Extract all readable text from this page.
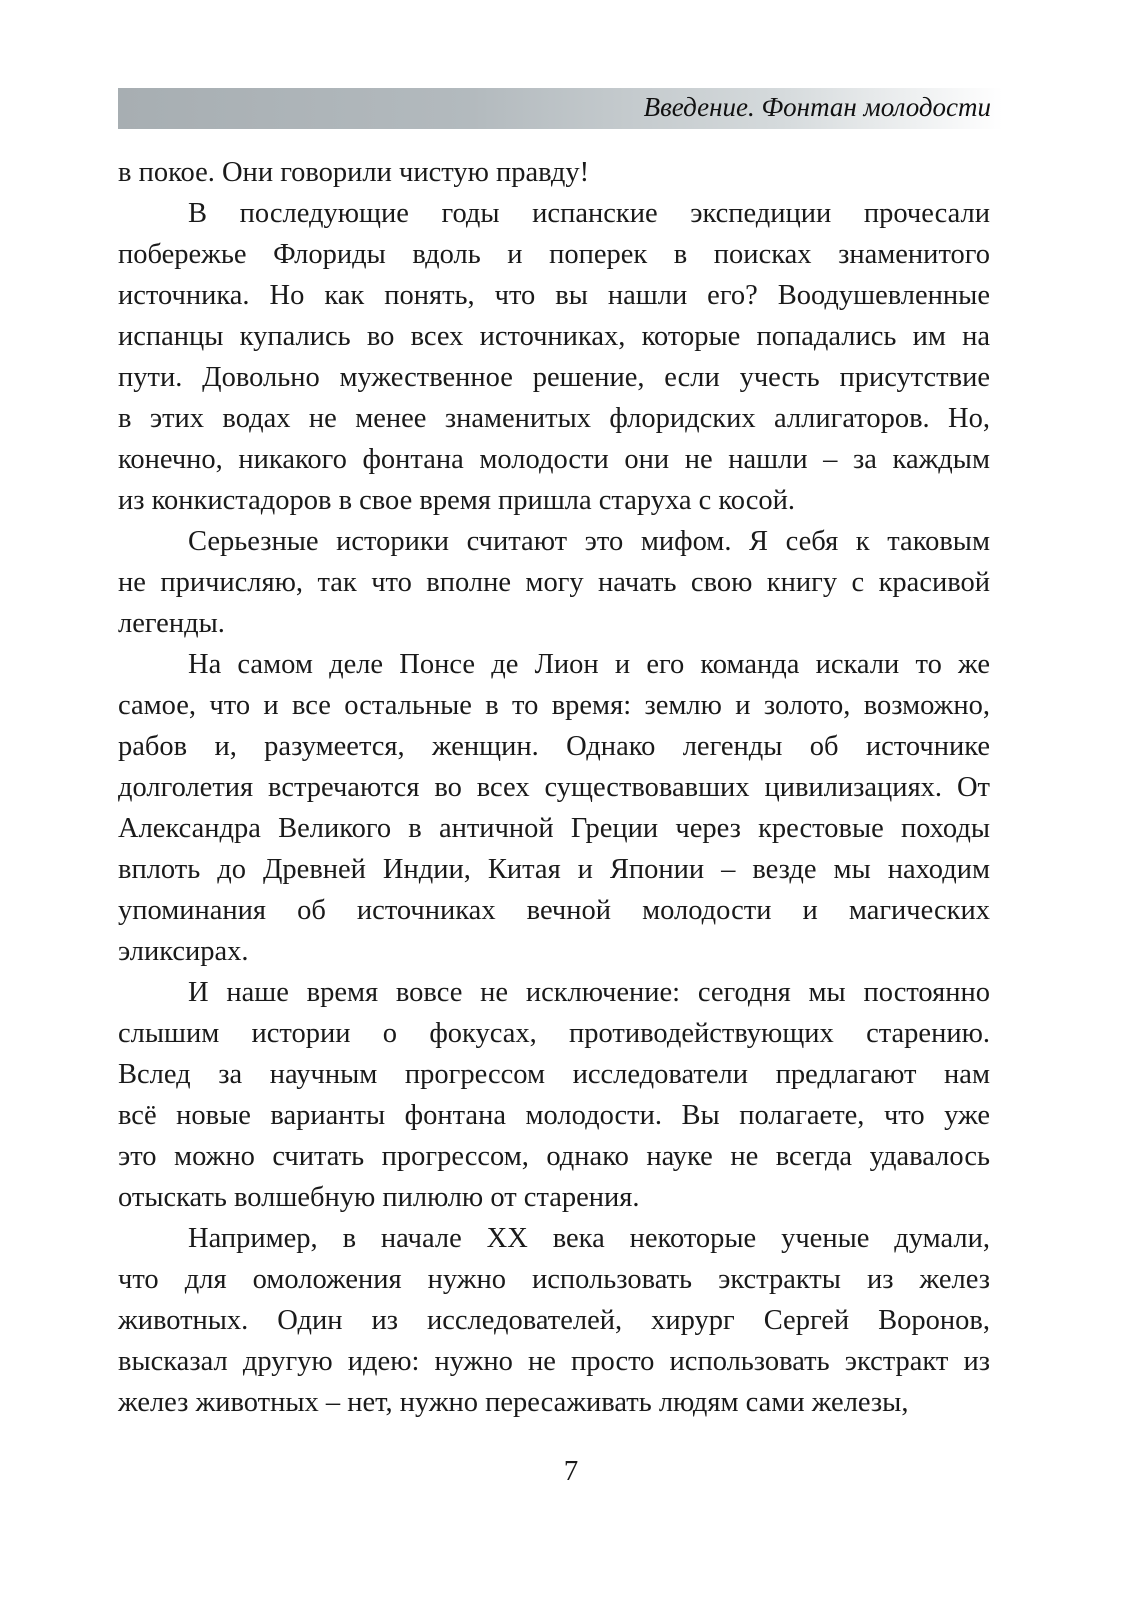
Введение. Фонтан молодости
в покое. Они говорили чистую правду!
В последующие годы испанские экспедиции прочесали
побережье Флориды вдоль и поперек в поисках знаменитого
источника. Но как понять, что вы нашли его? Воодушевленные
испанцы купались во всех источниках, которые попадались им на
пути. Довольно мужественное решение, если учесть присутствие
в этих водах не менее знаменитых флоридских аллигаторов. Но,
конечно, никакого фонтана молодости они не нашли – за каждым
из конкистадоров в свое время пришла старуха с косой.
Серьезные историки считают это мифом. Я себя к таковым
не причисляю, так что вполне могу начать свою книгу с красивой
легенды.
На самом деле Понсе де Лион и его команда искали то же
самое, что и все остальные в то время: землю и золото, возможно,
рабов и, разумеется, женщин. Однако легенды об источнике
долголетия встречаются во всех существовавших цивилизациях. От
Александра Великого в античной Греции через крестовые походы
вплоть до Древней Индии, Китая и Японии – везде мы находим
упоминания об источниках вечной молодости и магических
эликсирах.
И наше время вовсе не исключение: сегодня мы постоянно
слышим истории о фокусах, противодействующих старению.
Вслед за научным прогрессом исследователи предлагают нам
всё новые варианты фонтана молодости. Вы полагаете, что уже
это можно считать прогрессом, однако науке не всегда удавалось
отыскать волшебную пилюлю от старения.
Например, в начале XX века некоторые ученые думали,
что для омоложения нужно использовать экстракты из желез
животных. Один из исследователей, хирург Сергей Воронов,
высказал другую идею: нужно не просто использовать экстракт из
желез животных – нет, нужно пересаживать людям сами железы,
7
